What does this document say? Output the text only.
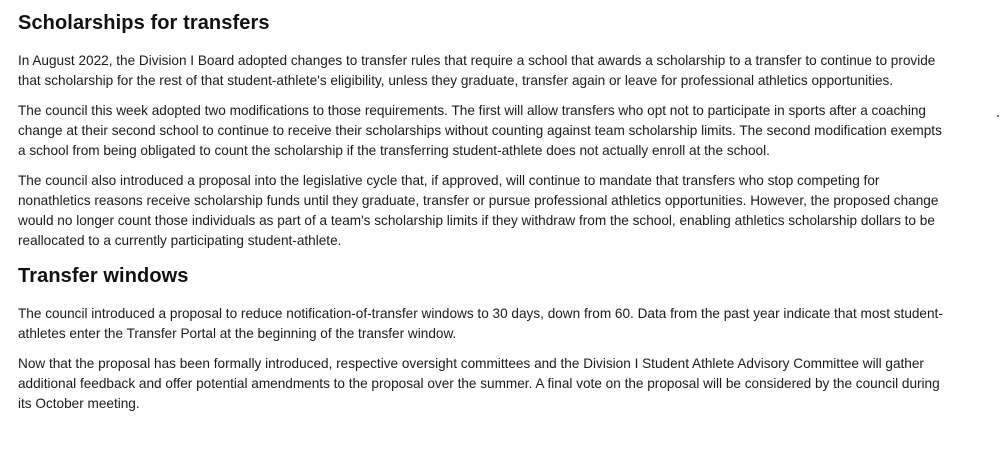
Scholarships for transfers

In August 2022, the Division I Board adopted changes to transfer rules that require a school that awards a scholarship to a transfer to continue to provide that scholarship for the rest of that student-athlete's eligibility, unless they graduate, transfer again or leave for professional athletics opportunities.

The council this week adopted two modifications to those requirements. The first will allow transfers who opt not to participate in sports after a coaching change at their second school to continue to receive their scholarships without counting against team scholarship limits. The second modification exempts a school from being obligated to count the scholarship if the transferring student-athlete does not actually enroll at the school.

The council also introduced a proposal into the legislative cycle that, if approved, will continue to mandate that transfers who stop competing for nonathletics reasons receive scholarship funds until they graduate, transfer or pursue professional athletics opportunities. However, the proposed change would no longer count those individuals as part of a team's scholarship limits if they withdraw from the school, enabling athletics scholarship dollars to be reallocated to a currently participating student-athlete.

Transfer windows

The council introduced a proposal to reduce notification-of-transfer windows to 30 days, down from 60. Data from the past year indicate that most student-athletes enter the Transfer Portal at the beginning of the transfer window.

Now that the proposal has been formally introduced, respective oversight committees and the Division I Student Athlete Advisory Committee will gather additional feedback and offer potential amendments to the proposal over the summer. A final vote on the proposal will be considered by the council during its October meeting.
